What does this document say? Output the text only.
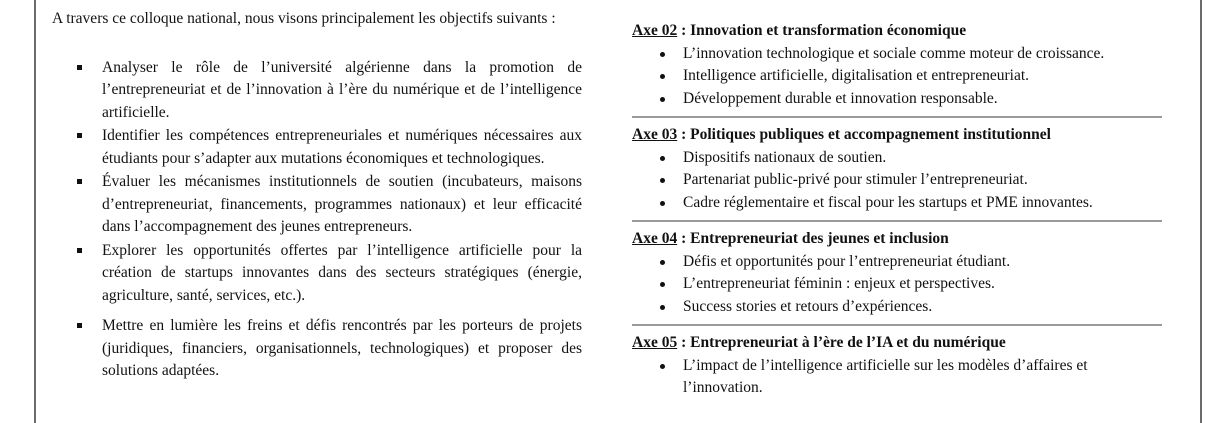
A travers ce colloque national, nous visons principalement les objectifs suivants :

Analyser le rôle de l’université algérienne dans la promotion de l’entrepreneuriat et de l’innovation à l’ère du numérique et de l’intelligence artificielle.
Identifier les compétences entrepreneuriales et numériques nécessaires aux étudiants pour s’adapter aux mutations économiques et technologiques.
Évaluer les mécanismes institutionnels de soutien (incubateurs, maisons d’entrepreneuriat, financements, programmes nationaux) et leur efficacité dans l’accompagnement des jeunes entrepreneurs.
Explorer les opportunités offertes par l’intelligence artificielle pour la création de startups innovantes dans des secteurs stratégiques (énergie, agriculture, santé, services, etc.).
Mettre en lumière les freins et défis rencontrés par les porteurs de projets (juridiques, financiers, organisationnels, technologiques) et proposer des solutions adaptées.

Axe 02 : Innovation et transformation économique

L’innovation technologique et sociale comme moteur de croissance.
Intelligence artificielle, digitalisation et entrepreneuriat.
Développement durable et innovation responsable.

Axe 03 : Politiques publiques et accompagnement institutionnel

Dispositifs nationaux de soutien.
Partenariat public-privé pour stimuler l’entrepreneuriat.
Cadre réglementaire et fiscal pour les startups et PME innovantes.

Axe 04 : Entrepreneuriat des jeunes et inclusion

Défis et opportunités pour l’entrepreneuriat étudiant.
L’entrepreneuriat féminin : enjeux et perspectives.
Success stories et retours d’expériences.

Axe 05 : Entrepreneuriat à l’ère de l’IA et du numérique

L’impact de l’intelligence artificielle sur les modèles d’affaires et l’innovation.
